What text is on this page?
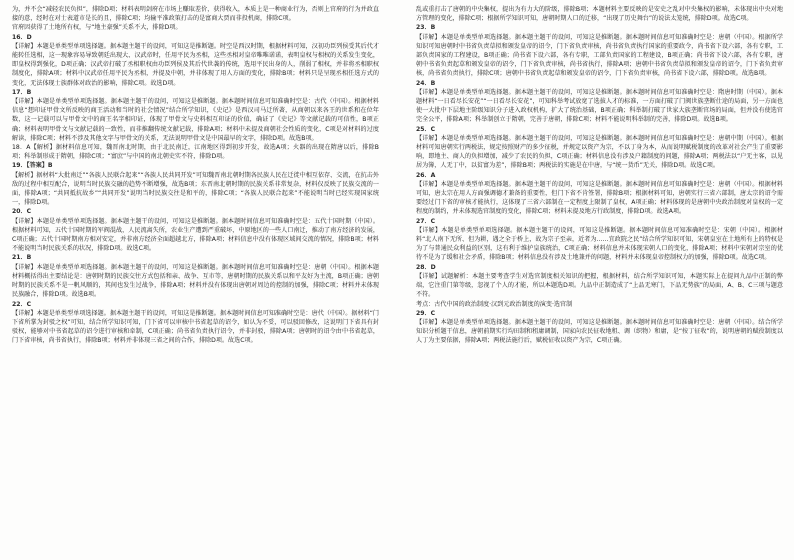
为，并不会“减轻农民负担”，排除D项；材料表明剑府在市场上赚取差价，获得收入，本质上是一种商业行为，否则上官府的行为并政直接的意，经时在对士表道市是长的且，排除C项；均输平准政策打击的是富商大贾而非投机商，排除C项。

官府因获得了土地所有权，与“地主豪强”关系不大，排除D项。

16．D

【详解】本题是单类型单项选择题。据本题主题干的设问，可知这是推断题。时空是西汉时期，根据材料可知，汉初功臣列侯受其后代才能转任选相，这一现象容易导致朝廷出现大、汉武帝时，任用平民为丞相，这些丞相对皇帝唯唯诺诺，表明皇权与相权的关系发生变化，即皇权得到强化，D项正确；汉武帝打破了丞相职权由功臣列侯及其后代世袭的传统，选用平民出身的人，削弱了相权，并非将丞相职权制度化，排除A项；材料中汉武帝任用平民为丞相，并提及中朝，并非体现了用人方面的变化，排除B项；材料只是呈现丞相任选方式的变化，无法体现士族群体对政治的影响，排除C项。故选D项。

17．B

【详解】本题是单类型单项选择题。据本题主题干的设问，可知这是推断题。据本题时间信息可知准确时空是：古代（中国）。根据材料信息“想印证甲骨文所反映的商王活动和当时的社会情况”结合所学知识，《史记》是西汉司马迁所著，从商朝以来各王的世系和在位年数，这一记载可以与甲骨文中的商王名字相印证，体现了甲骨文与史料相互印证的价值，确证了《史记》等文献记载的可信性，B项正确；材料表明甲骨文与文献记载的一致性，而非推翻传统文献记载，排除A项；材料中未提及商朝社会性质的变化，C项是对材料的过度解读，排除C项；材料不涉及其他文字与甲骨文的关系，无法说明甲骨文是中国最早的文字，排除D项。故选B项。

18．A【解析】据材料信息可知，魏晋南北时期，由于北民南迁，江南地区得到初步开发，故选A项；火器的出现在隋唐以后，排除B项；科举制形成于隋朝，排除C项；“富庶”与中国的南北朝史实不符，排除D项。

19．【答案】B

【解析】据材料“大批南迁”“各族人民联合起来”“各族人民共同开发”可知魏晋南北朝时期各民族人民在迁徙中相互依存、交流，在抗击外敌的过程中相互配合，说明当时民族交融的趋势不断增强，故选B项；东晋南北朝时期的民族关系非常复杂，材料仅反映了民族交流的一面，排除A项；“共同抵抗故乡”“共同开发”说明当时民族交往是和平的，排除C项；“各族人民联合起来”不能说明当时已经实现国家统一，排除D项。

20．C

【详解】本题是单类型单项选择题。据本题主题干的设问，可知这是推断题。据本题时间信息可知准确时空是：五代十国时期（中国）。根据材料可知，五代十国时期的军阀混战，人民流离失所，农业生产遭到严重破坏，中原地区的一些人口南迁，推动了南方经济的发展，C项正确；五代十国时期南方相对安定，并非南方经济全面超越北方，排除A项；材料信息中没有体现区域间交流的情况，排除B项；材料不能说明当时民族关系的状况，排除D项。故选C项。

21．B

【详解】本题是单类型单项选择题。据本题主题干的设问，可知这是推断题。据本题时间信息可知准确时空是：唐朝（中国）。根据本题材料概括得出主要结论是：唐朝时期的民族交往方式包括和亲、战争、互市等，唐朝时期的民族关系以和平友好为主流，B项正确；唐朝时期的民族关系不是一帆风顺的，其间也发生过战争，排除A项；材料并没有体现出唐朝对周边的控制的加强，排除C项；材料并未体现民族融合，排除D项。故选B项。

22．C

【详解】本题是单类型单项选择题。据本题主题干的设问，可知这是推断题。据本题时间信息可知准确时空是：唐代（中国）。据材料“门下省所掌为封驳之权”可知，结合所学知识可知，门下省可以审核中书省起草的诏令，如认为不妥，可以驳回修改，这说明门下省具有封驳权，能够对中书省起草的诏令进行审核和牵制，C项正确；尚书省负责执行诏令，并非封驳，排除A项；唐朝时的诏令由中书省起草，门下省审核，尚书省执行，排除B项；材料并非体现三省之间的合作，排除D项。故选C项。

乱或重打击了唐朝的中央集权，提出为有力大的阶级，排除B项；本题材料主要反映的是安史之乱对中央集权的影响，未体现出中央对地方管理的变化，排除C项；根据所学知识可知，唐朝时期人口的迁移，“出现了历史舞台”的说法太笼统，排除D项。故选C项。

23．B

【详解】本题是单类型单项选择题。据本题主题干的设问，可知这是推断题。据本题时间信息可知准确时空是：唐朝（中国）。根据所学知识可知唐朝时中书省负责草拟和颁发皇帝的诏令，门下省负责审核，尚书省负责执行国家的重要政令，尚书省下设六部，各有专职，工部负责国家的工程建设，B项正确；尚书省下设六部，各有专职，工部负责国家的工程建设，B项正确；尚书省下设六部，各有专职，唐朝中书省负责起草和颁发皇帝的诏令，门下省负责审核，尚书省执行，排除A项；唐朝中书省负责草拟和颁发皇帝的诏令，门下省负责审核，尚书省负责执行，排除C项；唐朝中书省负责起草和颁发皇帝的诏令，门下省负责审核，尚书省下设六部，排除D项。故选B项。

24．B

【详解】本题是单类型单项选择题。据本题主题干的设问，可知这是推断题。据本题时间信息可知准确时空是：隋唐时期（中国）。据本题材料“一日看尽长安花”“一日看尽长安花”，可知科举考试放宽了选拔人才的标准，一方面打破了门阀世族垄断仕途的局面，另一方面也使一大批中下层地主阶级知识分子进入政权机构，扩大了统治基础，B项正确；科举制打破了世家大族垄断官场的局面，但并没有使选官完全公平，排除A项；科举制创立于隋朝，完善于唐朝，排除C项；材料不能说明科举制的完善，排除D项。故选B项。

25．C

【详解】本题是单类型单项选择题。据本题主题干的设问，可知这是推断题。据本题时间信息可知准确时空是：唐朝中期（中国）。根据材料可知唐朝实行两税法，规定按照财产的多少征税，并规定以资产为宗，不以丁身为本，从而说明赋税制度的改革对社会产生了重要影响，即地主、商人的负担增加，减少了农民的负担，C项正确；材料信息没有涉及户籍制度的问题，排除A项；两税法以“户无主客，以见居为簿，人无丁中，以贫富为差”，排除B项；两税法的实施是在中唐，与“统一货币”无关，排除D项。故选C项。

26．A

【详解】本题是单类型单项选择题。据本题主题干的设问，可知这是推断题。据本题时间信息可知准确时空是：唐朝（中国）。根据材料可知，唐太宗在用人方面强调德才兼备的重要性，但门下省不肯签署，排除B项；根据材料可知，唐朝实行三省六部制，唐太宗的诏令需要经过门下省的审核才能执行，这体现了三省六部制在一定程度上限制了皇权，A项正确；材料体现的是唐朝中央政治制度对皇权的一定程度的制约，并未体现选官制度的变化，排除C项；材料未提及地方行政制度，排除D项。故选A项。

27．C

【详解】本题是单类型单项选择题。据本题主题干的设问，可知这是推断题。据本题时间信息可知准确时空是：宋朝（中国）。根据材料“北人南下无所、但为耕，遇之全于桥上，故为宗子至亲，近者为……宜政院之民”结合所学知识可知，宋朝皇室在土地所有上的特权是为了与普通民众利益的区别，这有利于维护皇族统治，C项正确；材料信息并未体现宋朝人口的变化，排除A项；材料中宋朝对宗室的优待不是为了缓和社会矛盾，排除B项；材料信息没有涉及土地兼并的问题，材料并未体现皇帝控制权力的加强，排除D项。故选C项。

28．D

【详解】试题解析：本题主要考查学生对选官制度相关知识的把握，根据材料，结合所学知识可知，本题实际上在提问九品中正制的弊端，它注重门第等级，忽视了个人的才能，所以本题选D项。九品中正制造成了“上品无寒门，下品无势族”的局面，A、B、C三项与题意不符。

考点：古代中国的政治制度·汉到元政治制度的演变·选官制

29．C

【详解】本题是单类型单项选择题。据本题主题干的设问，可知这是推断题。据本题时间信息可知准确时空是：唐朝（中国）。结合所学知识分析题干信息，唐朝前期实行均田制和租庸调制，国家向农民征收地租、调（织物）和庸，是“按丁征收”的，说明唐朝的赋役制度以人丁为主要依据，排除A项；两税法施行后，赋税征收以资产为宗，C项正确。
